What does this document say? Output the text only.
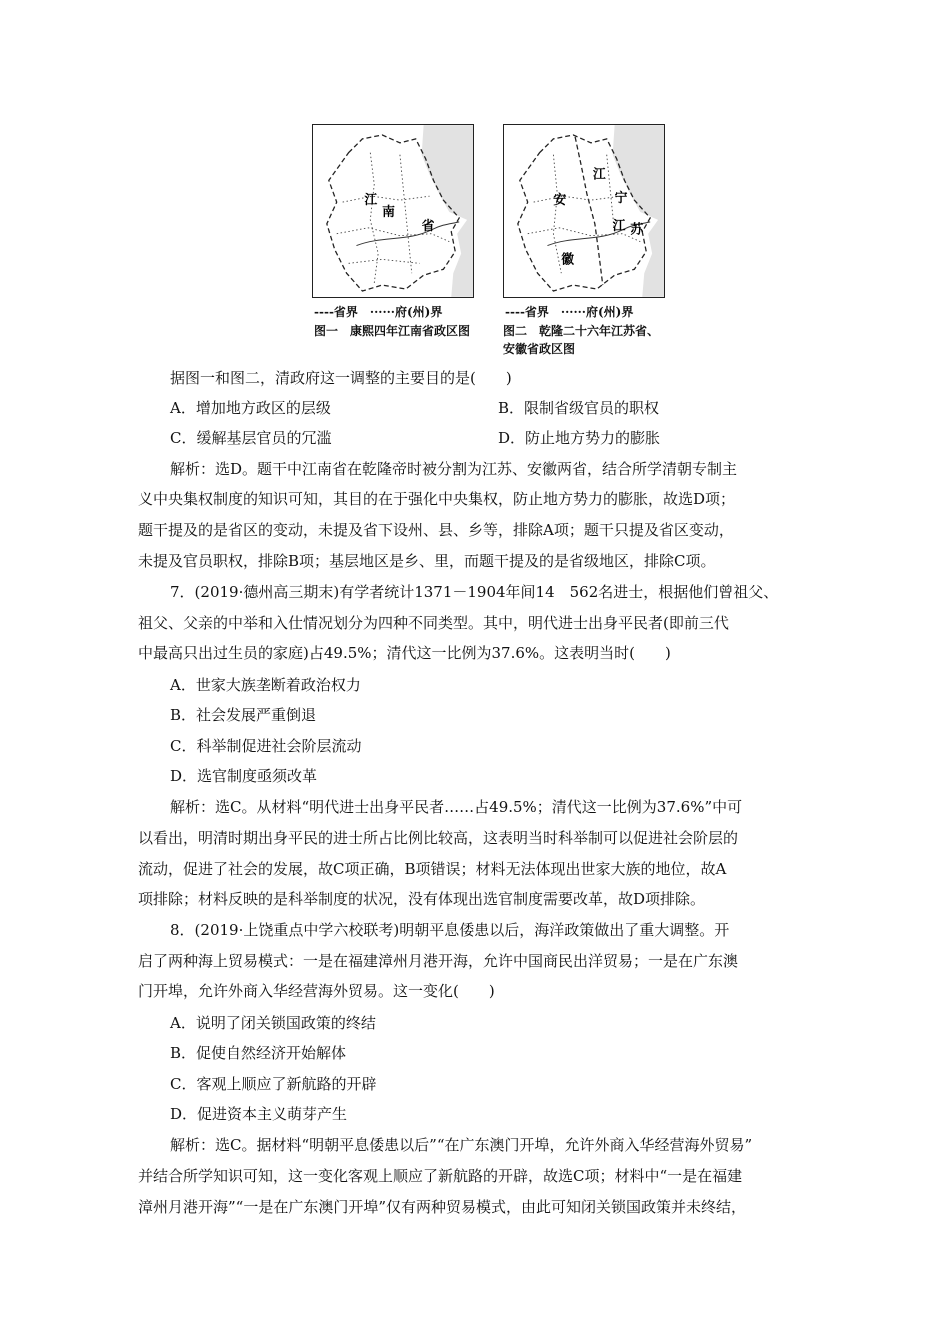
江
南
省
安
江
宁
徽
江 苏
----省界　······府(州)界	----省界　······府(州)界
图一　康熙四年江南省政区图	图二　乾隆二十六年江苏省、
安徽省政区图
据图一和图二，清政府这一调整的主要目的是(　　)
A．增加地方政区的层级	B．限制省级官员的职权
C．缓解基层官员的冗滥	D．防止地方势力的膨胀
解析：选D。题干中江南省在乾隆帝时被分割为江苏、安徽两省，结合所学清朝专制主
义中央集权制度的知识可知，其目的在于强化中央集权，防止地方势力的膨胀，故选D项；
题干提及的是省区的变动，未提及省下设州、县、乡等，排除A项；题干只提及省区变动，
未提及官员职权，排除B项；基层地区是乡、里，而题干提及的是省级地区，排除C项。
7．(2019·德州高三期末)有学者统计1371－1904年间14　562名进士，根据他们曾祖父、
祖父、父亲的中举和入仕情况划分为四种不同类型。其中，明代进士出身平民者(即前三代
中最高只出过生员的家庭)占49.5%；清代这一比例为37.6%。这表明当时(　　)
A．世家大族垄断着政治权力
B．社会发展严重倒退
C．科举制促进社会阶层流动
D．选官制度亟须改革
解析：选C。从材料“明代进士出身平民者……占49.5%；清代这一比例为37.6%”中可
以看出，明清时期出身平民的进士所占比例比较高，这表明当时科举制可以促进社会阶层的
流动，促进了社会的发展，故C项正确，B项错误；材料无法体现出世家大族的地位，故A
项排除；材料反映的是科举制度的状况，没有体现出选官制度需要改革，故D项排除。
8．(2019·上饶重点中学六校联考)明朝平息倭患以后，海洋政策做出了重大调整。开
启了两种海上贸易模式：一是在福建漳州月港开海，允许中国商民出洋贸易；一是在广东澳
门开埠，允许外商入华经营海外贸易。这一变化(　　)
A．说明了闭关锁国政策的终结
B．促使自然经济开始解体
C．客观上顺应了新航路的开辟
D．促进资本主义萌芽产生
解析：选C。据材料“明朝平息倭患以后”“在广东澳门开埠，允许外商入华经营海外贸易”
并结合所学知识可知，这一变化客观上顺应了新航路的开辟，故选C项；材料中“一是在福建
漳州月港开海”“一是在广东澳门开埠”仅有两种贸易模式，由此可知闭关锁国政策并未终结，
